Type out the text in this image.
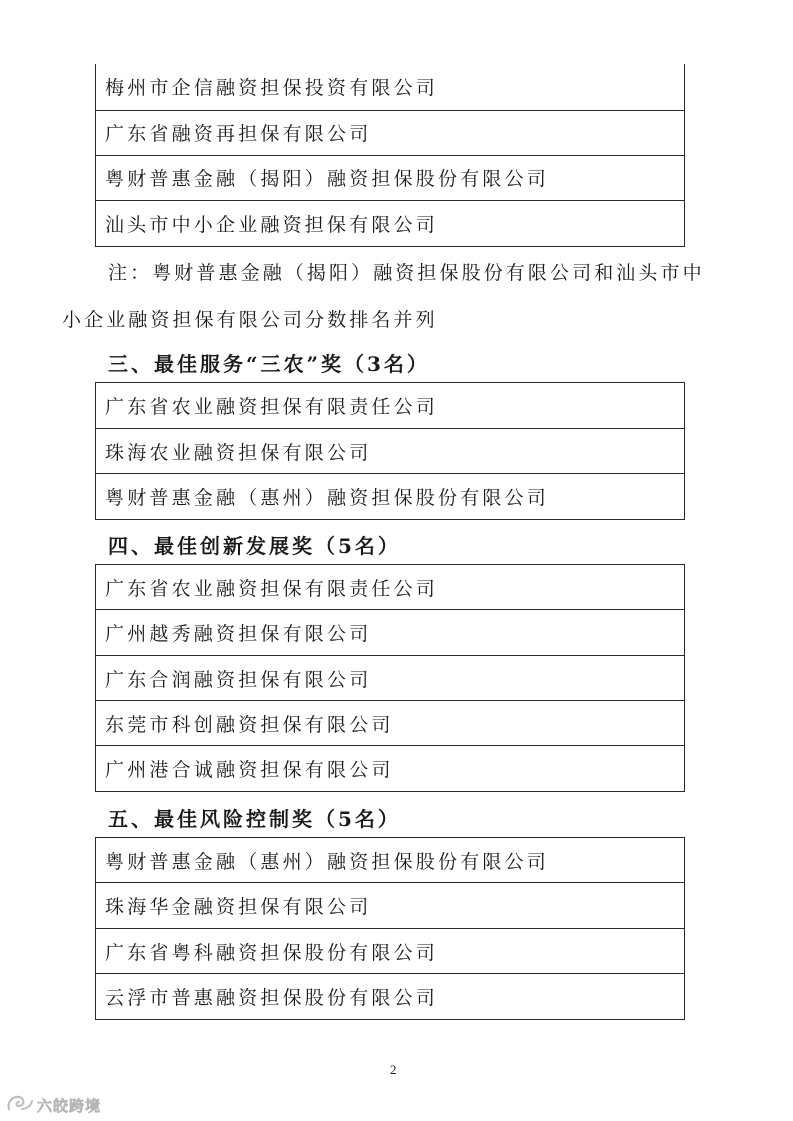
梅州市企信融资担保投资有限公司
广东省融资再担保有限公司
粤财普惠金融（揭阳）融资担保股份有限公司
汕头市中小企业融资担保有限公司
注：粤财普惠金融（揭阳）融资担保股份有限公司和汕头市中
小企业融资担保有限公司分数排名并列
三、最佳服务“三农”奖（3名）
广东省农业融资担保有限责任公司
珠海农业融资担保有限公司
粤财普惠金融（惠州）融资担保股份有限公司
四、最佳创新发展奖（5名）
广东省农业融资担保有限责任公司
广州越秀融资担保有限公司
广东合润融资担保有限公司
东莞市科创融资担保有限公司
广州港合诚融资担保有限公司
五、最佳风险控制奖（5名）
粤财普惠金融（惠州）融资担保股份有限公司
珠海华金融资担保有限公司
广东省粤科融资担保股份有限公司
云浮市普惠融资担保股份有限公司
2
六皎跨境
